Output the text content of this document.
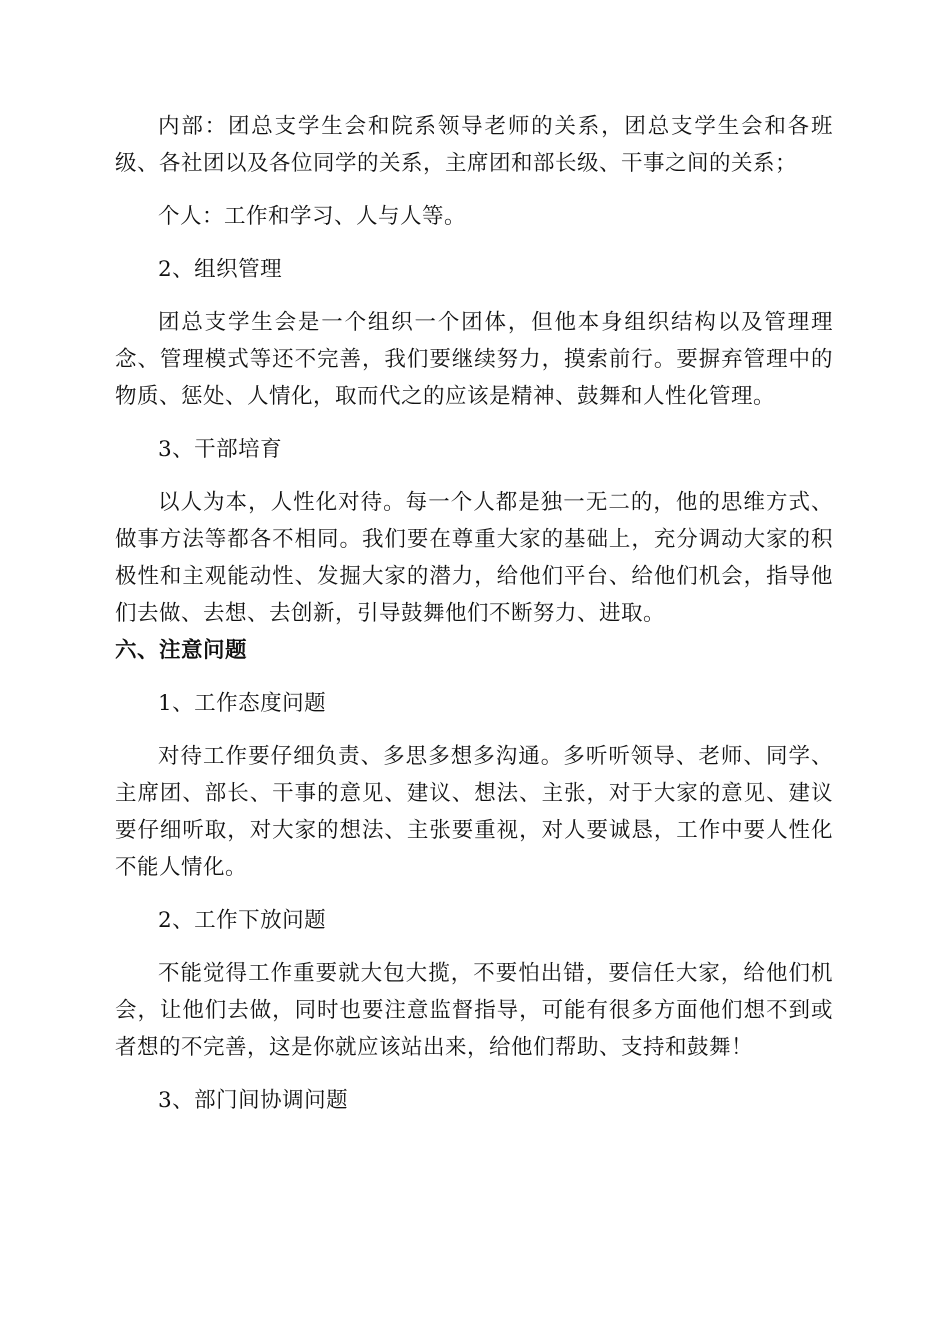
内部：团总支学生会和院系领导老师的关系，团总支学生会和各班级、各社团以及各位同学的关系，主席团和部长级、干事之间的关系；

个人：工作和学习、人与人等。

2、组织管理

团总支学生会是一个组织一个团体，但他本身组织结构以及管理理念、管理模式等还不完善，我们要继续努力，摸索前行。要摒弃管理中的物质、惩处、人情化，取而代之的应该是精神、鼓舞和人性化管理。

3、干部培育

以人为本，人性化对待。每一个人都是独一无二的，他的思维方式、做事方法等都各不相同。我们要在尊重大家的基础上，充分调动大家的积极性和主观能动性、发掘大家的潜力，给他们平台、给他们机会，指导他们去做、去想、去创新，引导鼓舞他们不断努力、进取。

六、注意问题

1、工作态度问题

对待工作要仔细负责、多思多想多沟通。多听听领导、老师、同学、主席团、部长、干事的意见、建议、想法、主张，对于大家的意见、建议要仔细听取，对大家的想法、主张要重视，对人要诚恳，工作中要人性化不能人情化。

2、工作下放问题

不能觉得工作重要就大包大揽，不要怕出错，要信任大家，给他们机会，让他们去做，同时也要注意监督指导，可能有很多方面他们想不到或者想的不完善，这是你就应该站出来，给他们帮助、支持和鼓舞！

3、部门间协调问题
